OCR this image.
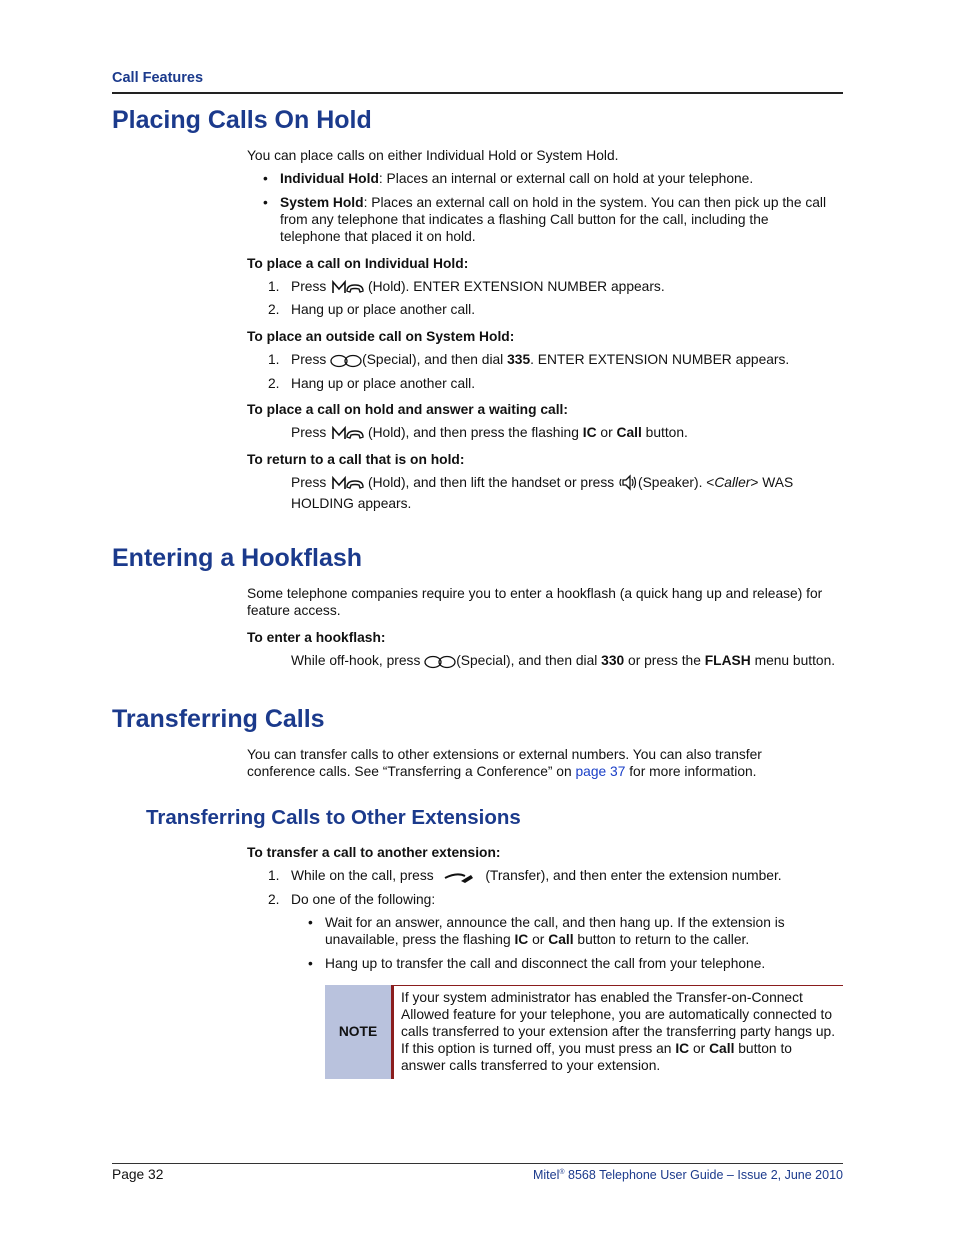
Call Features
Placing Calls On Hold
You can place calls on either Individual Hold or System Hold.
• Individual Hold: Places an internal or external call on hold at your telephone.
• System Hold: Places an external call on hold in the system. You can then pick up the call
from any telephone that indicates a flashing Call button for the call, including the
telephone that placed it on hold.
To place a call on Individual Hold:
1. Press	(Hold). ENTER EXTENSION NUMBER appears.
2. Hang up or place another call.
To place an outside call on System Hold:
1. Press	(Special), and then dial 335. ENTER EXTENSION NUMBER appears.
2. Hang up or place another call.
To place a call on hold and answer a waiting call:
Press	(Hold), and then press the flashing IC or Call button.
To return to a call that is on hold:
Press	(Hold), and then lift the handset or press (Speaker). <Caller> WAS
HOLDING appears.
Entering a Hookflash
Some telephone companies require you to enter a hookflash (a quick hang up and release) for
feature access.
To enter a hookflash:
While off-hook, press	(Special), and then dial 330 or press the FLASH menu button.
Transferring Calls
You can transfer calls to other extensions or external numbers. You can also transfer
conference calls. See “Transferring a Conference” on page 37 for more information.
Transferring Calls to Other Extensions
To transfer a call to another extension:
1. While on the call, press	(Transfer), and then enter the extension number.
2. Do one of the following:
• Wait for an answer, announce the call, and then hang up. If the extension is
unavailable, press the flashing IC or Call button to return to the caller.
• Hang up to transfer the call and disconnect the call from your telephone.
NOTE
If your system administrator has enabled the Transfer-on-Connect
Allowed feature for your telephone, you are automatically connected to
calls transferred to your extension after the transferring party hangs up.
If this option is turned off, you must press an IC or Call button to
answer calls transferred to your extension.
Page 32	Mitel® 8568 Telephone User Guide – Issue 2, June 2010
